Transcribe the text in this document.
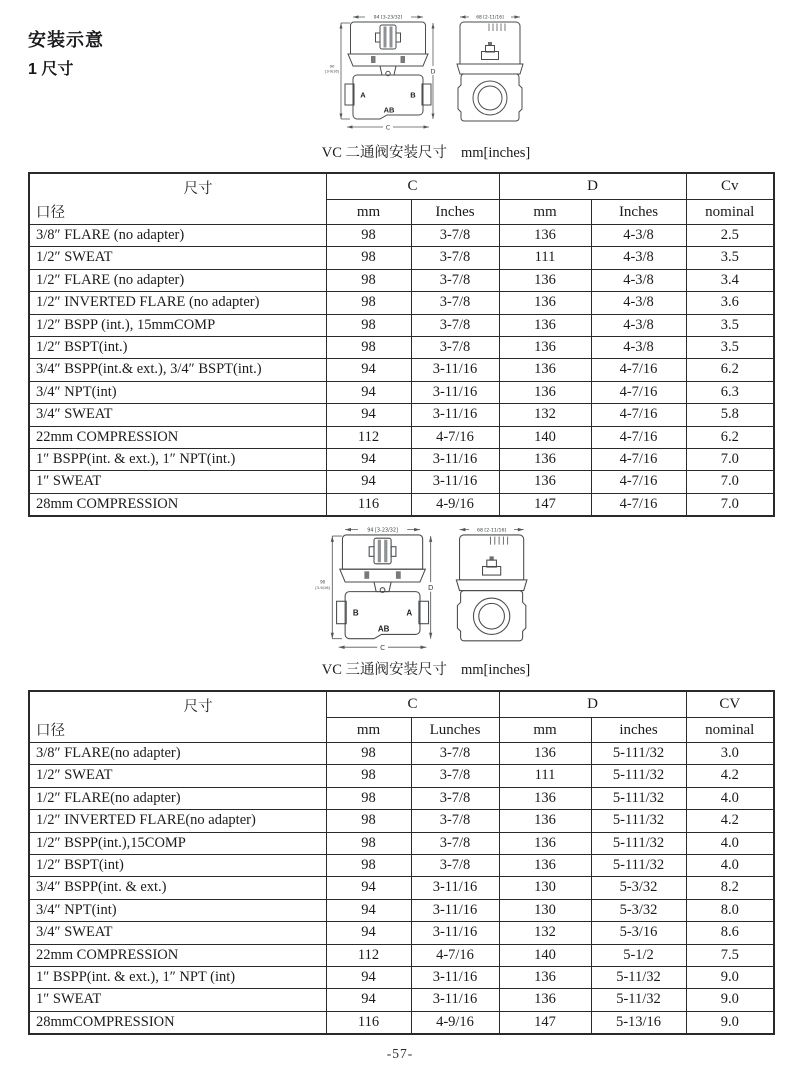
安装示意
1 尺寸
A	B
AB
VC 二通阀安装尺寸 mm[inches]
尺寸
口径	C		D		Cv
	mm	Inches	mm	Inches	nominal
3/8″ FLARE (no adapter)	98	3-7/8	136	4-3/8	2.5
1/2″ SWEAT	98	3-7/8	111	4-3/8	3.5
1/2″ FLARE (no adapter)	98	3-7/8	136	4-3/8	3.4
1/2″ INVERTED FLARE (no adapter)	98	3-7/8	136	4-3/8	3.6
1/2″ BSPP (int.), 15mmCOMP	98	3-7/8	136	4-3/8	3.5
1/2″ BSPT(int.)	98	3-7/8	136	4-3/8	3.5
3/4″ BSPP(int.& ext.), 3/4″ BSPT(int.)	94	3-11/16	136	4-7/16	6.2
3/4″ NPT(int)	94	3-11/16	136	4-7/16	6.3
3/4″ SWEAT	94	3-11/16	132	4-7/16	5.8
22mm COMPRESSION	112	4-7/16	140	4-7/16	6.2
1″ BSPP(int. & ext.), 1″ NPT(int.)	94	3-11/16	136	4-7/16	7.0
1″ SWEAT	94	3-11/16	136	4-7/16	7.0
28mm COMPRESSION	116	4-9/16	147	4-7/16	7.0
B	A
AB
VC 三通阀安装尺寸 mm[inches]
尺寸
口径	C		D		CV
	mm	Lunches	mm	inches	nominal
3/8″ FLARE(no adapter)	98	3-7/8	136	5-111/32	3.0
1/2″ SWEAT	98	3-7/8	111	5-111/32	4.2
1/2″ FLARE(no adapter)	98	3-7/8	136	5-111/32	4.0
1/2″ INVERTED FLARE(no adapter)	98	3-7/8	136	5-111/32	4.2
1/2″ BSPP(int.),15COMP	98	3-7/8	136	5-111/32	4.0
1/2″ BSPT(int)	98	3-7/8	136	5-111/32	4.0
3/4″ BSPP(int. & ext.)	94	3-11/16	130	5-3/32	8.2
3/4″ NPT(int)	94	3-11/16	130	5-3/32	8.0
3/4″ SWEAT	94	3-11/16	132	5-3/16	8.6
22mm COMPRESSION	112	4-7/16	140	5-1/2	7.5
1″ BSPP(int. & ext.), 1″ NPT (int)	94	3-11/16	136	5-11/32	9.0
1″ SWEAT	94	3-11/16	136	5-11/32	9.0
28mmCOMPRESSION	116	4-9/16	147	5-13/16	9.0
-57-
